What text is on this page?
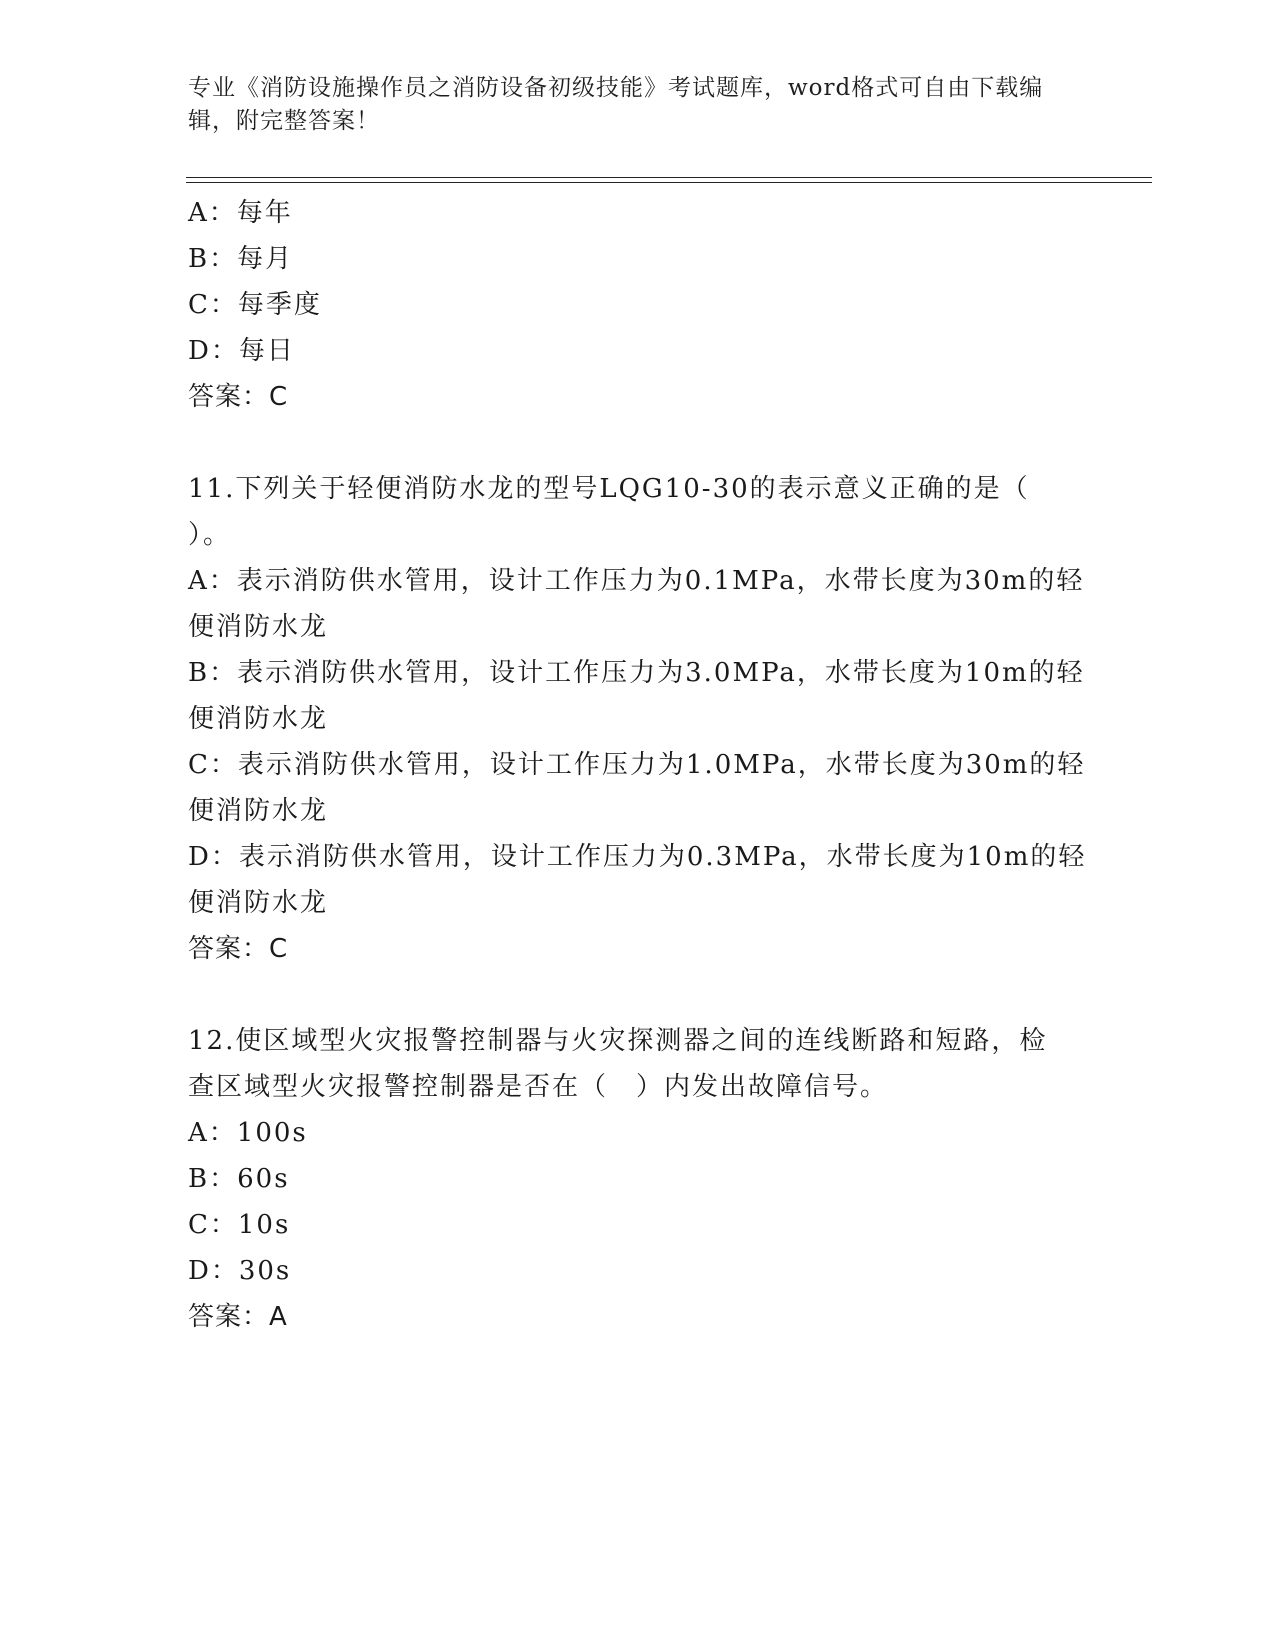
专业《消防设施操作员之消防设备初级技能》考试题库，word格式可自由下载编
辑，附完整答案！
A：每年
B：每月
C：每季度
D：每日
答案：C
11.下列关于轻便消防水龙的型号LQG10-30的表示意义正确的是（
）。
A：表示消防供水管用，设计工作压力为0.1MPa，水带长度为30m的轻
便消防水龙
B：表示消防供水管用，设计工作压力为3.0MPa，水带长度为10m的轻
便消防水龙
C：表示消防供水管用，设计工作压力为1.0MPa，水带长度为30m的轻
便消防水龙
D：表示消防供水管用，设计工作压力为0.3MPa，水带长度为10m的轻
便消防水龙
答案：C
12.使区域型火灾报警控制器与火灾探测器之间的连线断路和短路，检
查区域型火灾报警控制器是否在（　）内发出故障信号。
A：100s
B：60s
C：10s
D：30s
答案：A
